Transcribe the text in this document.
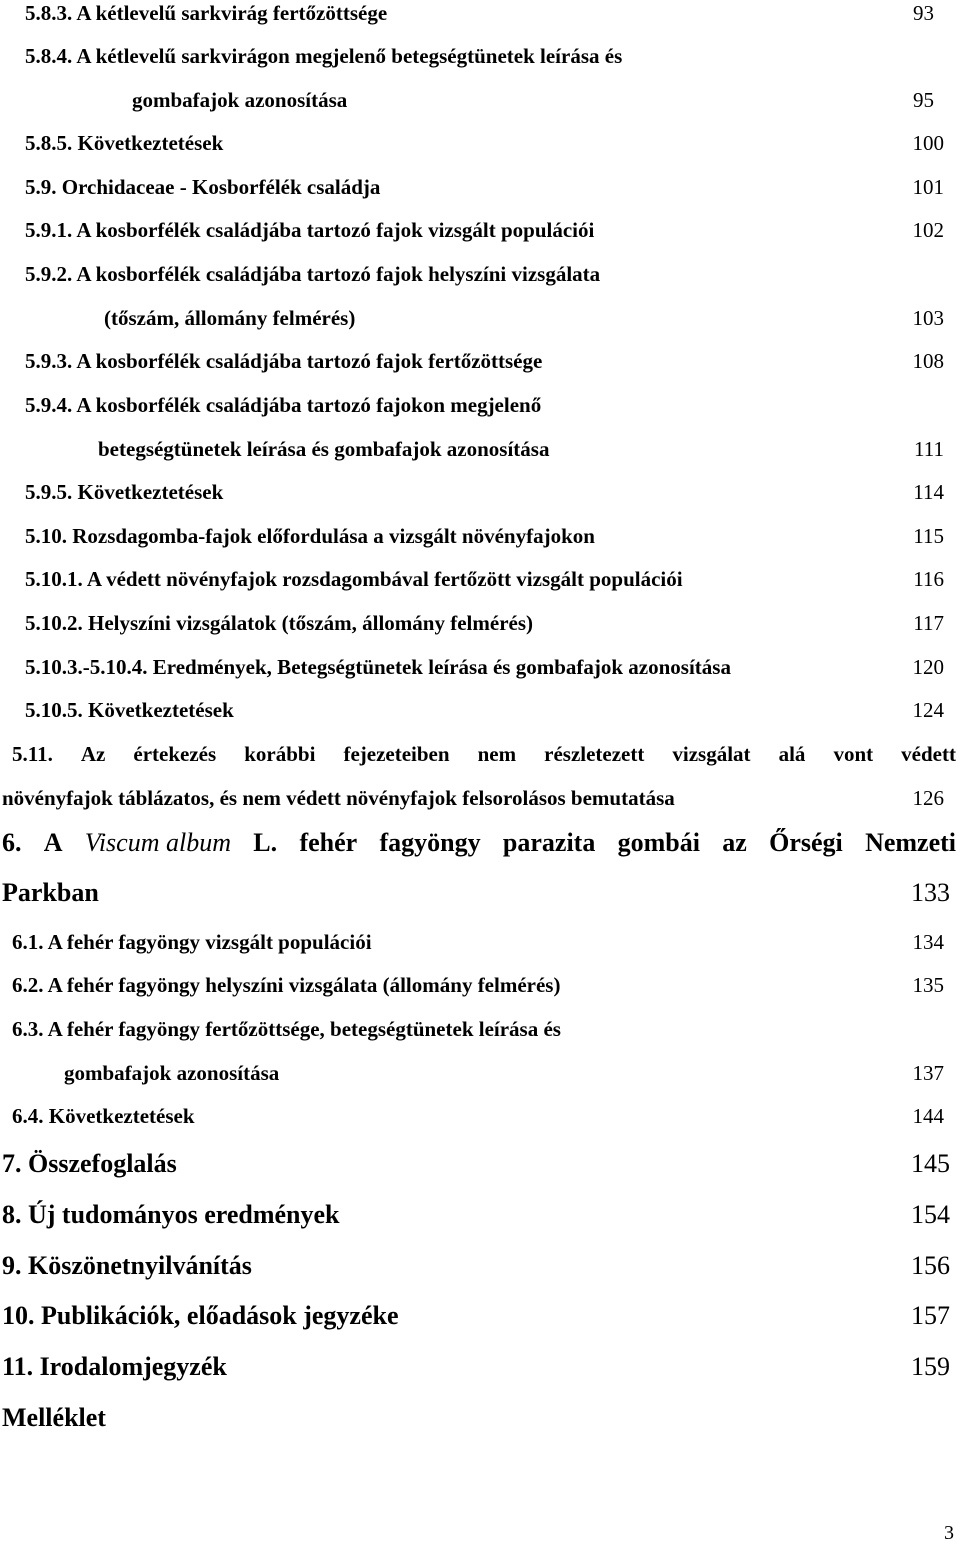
5.8.3. A kétlevelű sarkvirág fertőzöttsége	93
5.8.4. A kétlevelű sarkvirágon megjelenő betegségtünetek leírása és
gombafajok azonosítása	95
5.8.5. Következtetések	100
5.9. Orchidaceae - Kosborfélék családja	101
5.9.1. A kosborfélék családjába tartozó fajok vizsgált populációi	102
5.9.2. A kosborfélék családjába tartozó fajok helyszíni vizsgálata
(tőszám, állomány felmérés)	103
5.9.3. A kosborfélék családjába tartozó fajok fertőzöttsége	108
5.9.4. A kosborfélék családjába tartozó fajokon megjelenő
betegségtünetek leírása és gombafajok azonosítása	111
5.9.5. Következtetések	114
5.10. Rozsdagomba-fajok előfordulása a vizsgált növényfajokon	115
5.10.1. A védett növényfajok rozsdagombával fertőzött vizsgált populációi	116
5.10.2. Helyszíni vizsgálatok (tőszám, állomány felmérés)	117
5.10.3.-5.10.4. Eredmények, Betegségtünetek leírása és gombafajok azonosítása	120
5.10.5. Következtetések	124
5.11. Az értekezés korábbi fejezeteiben nem részletezett vizsgálat alá vont védett
növényfajok táblázatos, és nem védett növényfajok felsorolásos bemutatása	126
6. A Viscum album L. fehér fagyöngy parazita gombái az Őrségi Nemzeti
Parkban	133
6.1. A fehér fagyöngy vizsgált populációi	134
6.2. A fehér fagyöngy helyszíni vizsgálata (állomány felmérés)	135
6.3. A fehér fagyöngy fertőzöttsége, betegségtünetek leírása és
gombafajok azonosítása	137
6.4. Következtetések	144
7. Összefoglalás	145
8. Új tudományos eredmények	154
9. Köszönetnyilvánítás	156
10. Publikációk, előadások jegyzéke	157
11. Irodalomjegyzék	159
Melléklet
3
